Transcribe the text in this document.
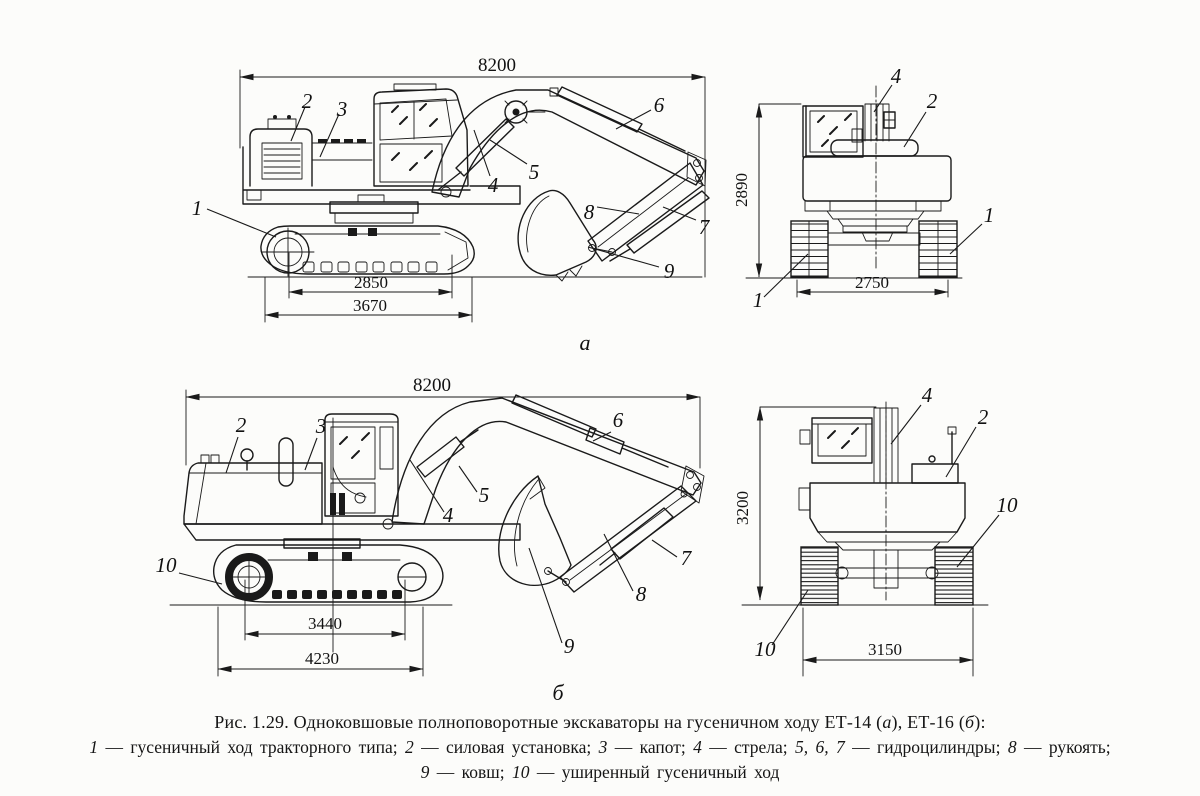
8200
2850
3670
1
2 3
4
5
6
7
8
9
2890
2750
4
2
1
1
а
8200
3440
4230
2	3
4
5
6
7
8
9
10
3200
3150
4
2
10
10
б
Рис. 1.29. Одноковшовые полноповоротные экскаваторы на гусеничном ходу ЕТ-14 (а), ЕТ-16 (б):
1 — гусеничный ход тракторного типа; 2 — силовая установка; 3 — капот; 4 — стрела; 5, 6, 7 — гидроцилиндры; 8 — рукоять;
9 — ковш; 10 — уширенный гусеничный ход
